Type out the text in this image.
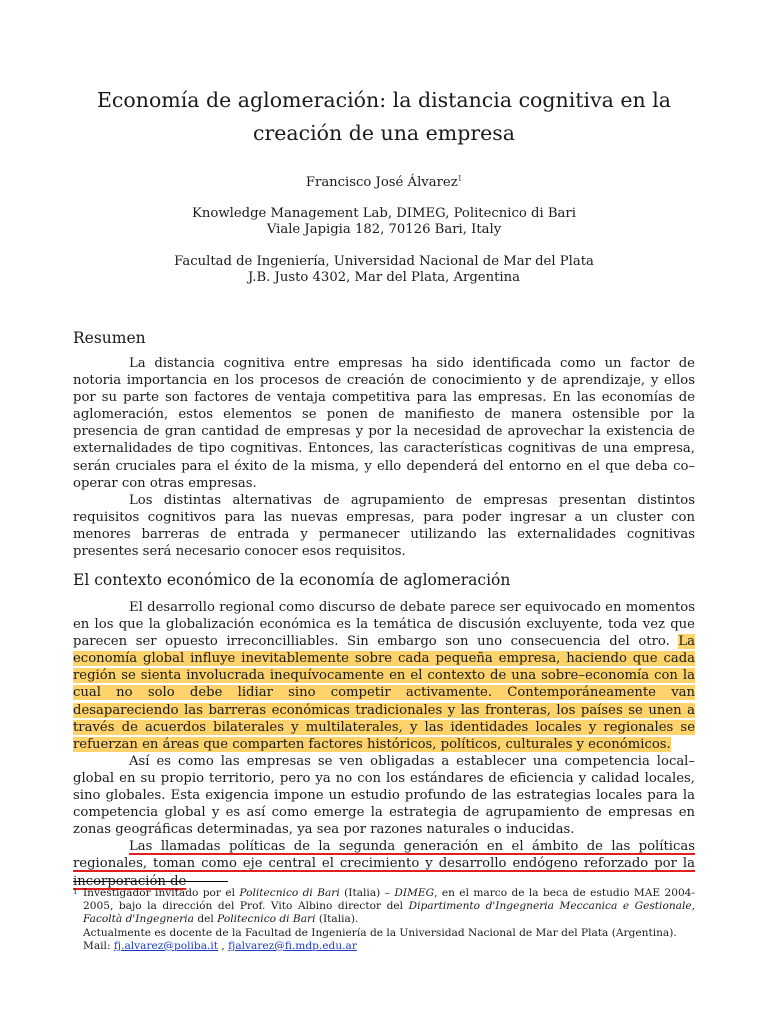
Economía de aglomeración: la distancia cognitiva en la
creación de una empresa
Francisco José Álvarez$^1$
Knowledge Management Lab, DIMEG, Politecnico di Bari
Viale Japigia 182, 70126 Bari, Italy
Facultad de Ingeniería, Universidad Nacional de Mar del Plata
J.B. Justo 4302, Mar del Plata, Argentina
Resumen

La distancia cognitiva entre empresas ha sido identificada como un factor de notoria importancia en los procesos de creación de conocimiento y de aprendizaje, y ellos por su parte son factores de ventaja competitiva para las empresas. En las economías de aglomeración, estos elementos se ponen de manifiesto de manera ostensible por la presencia de gran cantidad de empresas y por la necesidad de aprovechar la existencia de externalidades de tipo cognitivas. Entonces, las características cognitivas de una empresa, serán cruciales para el éxito de la misma, y ello dependerá del entorno en el que deba co–operar con otras empresas.

Los distintas alternativas de agrupamiento de empresas presentan distintos requisitos cognitivos para las nuevas empresas, para poder ingresar a un cluster con menores barreras de entrada y permanecer utilizando las externalidades cognitivas presentes será necesario conocer esos requisitos.

El contexto económico de la economía de aglomeración

El desarrollo regional como discurso de debate parece ser equivocado en momentos en los que la globalización económica es la temática de discusión excluyente, toda vez que parecen ser opuesto irreconcilliables. Sin embargo son uno consecuencia del otro. La economía global influye inevitablemente sobre cada pequeña empresa, haciendo que cada región se sienta involucrada inequívocamente en el contexto de una sobre–economía con la cual no solo debe lidiar sino competir activamente. Contemporáneamente van desapareciendo las barreras económicas tradicionales y las fronteras, los países se unen a través de acuerdos bilaterales y multilaterales, y las identidades locales y regionales se refuerzan en áreas que comparten factores históricos, políticos, culturales y económicos.

Así es como las empresas se ven obligadas a establecer una competencia local–global en su propio territorio, pero ya no con los estándares de eficiencia y calidad locales, sino globales. Esta exigencia impone un estudio profundo de las estrategias locales para la competencia global y es así como emerge la estrategia de agrupamiento de empresas en zonas geográficas determinadas, ya sea por razones naturales o inducidas.

Las llamadas políticas de la segunda generación en el ámbito de las políticas regionales, toman como eje central el crecimiento y desarrollo endógeno reforzado por la incorporación de

1 Investigador invitado por el Politecnico di Bari (Italia) – DIMEG, en el marco de la beca de estudio MAE 2004-2005, bajo la dirección del Prof. Vito Albino director del Dipartimento d'Ingegneria Meccanica e Gestionale, Facoltà d'Ingegneria del Politecnico di Bari (Italia).
Actualmente es docente de la Facultad de Ingeniería de la Universidad Nacional de Mar del Plata (Argentina).
Mail: fj.alvarez@poliba.it , fjalvarez@fi.mdp.edu.ar
